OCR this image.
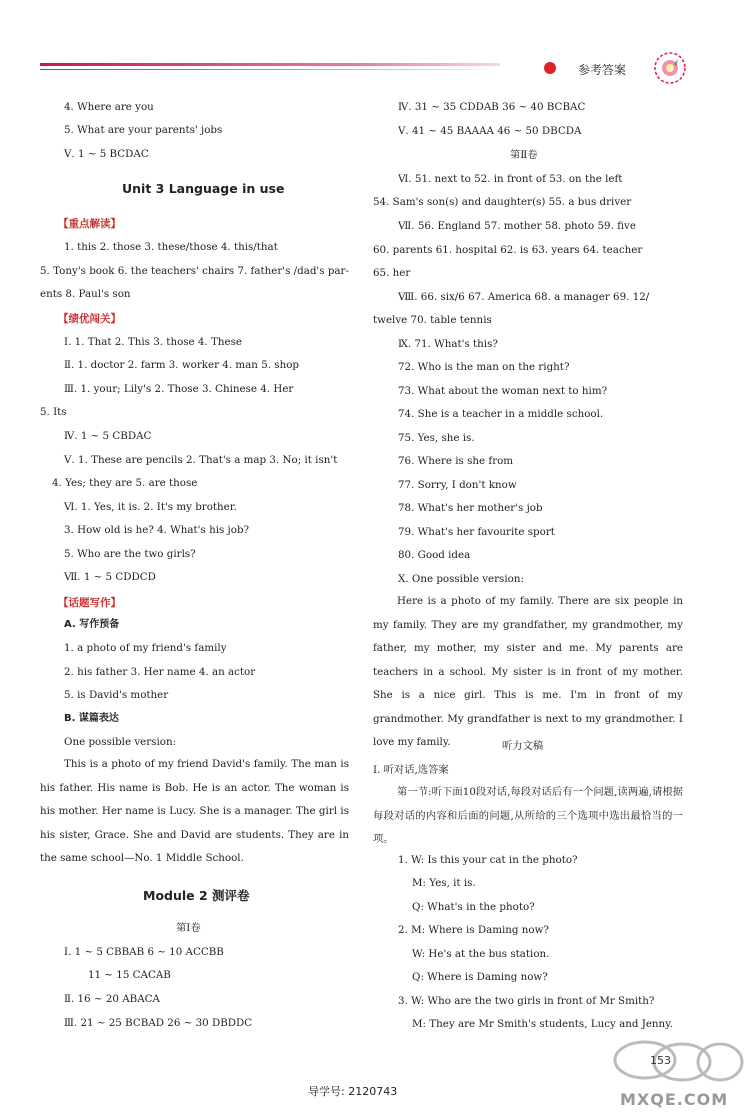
参考答案
4. Where are you
5. What are your parents' jobs
Ⅴ. 1 ~ 5 BCDAC
Unit 3 Language in use
【重点解读】
1. this 2. those 3. these/those 4. this/that
5. Tony's book 6. the teachers' chairs 7. father's /dad's par-
ents 8. Paul's son
【绩优闯关】
Ⅰ. 1. That 2. This 3. those 4. These
Ⅱ. 1. doctor 2. farm 3. worker 4. man 5. shop
Ⅲ. 1. your; Lily's 2. Those 3. Chinese 4. Her
5. Its
Ⅳ. 1 ~ 5 CBDAC
Ⅴ. 1. These are pencils 2. That's a map 3. No; it isn't
4. Yes; they are 5. are those
Ⅵ. 1. Yes, it is. 2. It's my brother.
3. How old is he? 4. What's his job?
5. Who are the two girls?
Ⅶ. 1 ~ 5 CDDCD
【话题写作】
A. 写作预备
1. a photo of my friend's family
2. his father 3. Her name 4. an actor
5. is David's mother
B. 谋篇表达
One possible version:
This is a photo of my friend David's family. The man is his father. His name is Bob. He is an actor. The woman is his mother. Her name is Lucy. She is a manager. The girl is his sister, Grace. She and David are students. They are in the same school—No. 1 Middle School.
Module 2 测评卷
第Ⅰ卷
Ⅰ. 1 ~ 5 CBBAB 6 ~ 10 ACCBB
11 ~ 15 CACAB
Ⅱ. 16 ~ 20 ABACA
Ⅲ. 21 ~ 25 BCBAD 26 ~ 30 DBDDC
Ⅳ. 31 ~ 35 CDDAB 36 ~ 40 BCBAC
Ⅴ. 41 ~ 45 BAAAA 46 ~ 50 DBCDA
第Ⅱ卷
Ⅵ. 51. next to 52. in front of 53. on the left
54. Sam's son(s) and daughter(s) 55. a bus driver
Ⅶ. 56. England 57. mother 58. photo 59. five
60. parents 61. hospital 62. is 63. years 64. teacher
65. her
Ⅷ. 66. six/6 67. America 68. a manager 69. 12/
twelve 70. table tennis
Ⅸ. 71. What's this?
72. Who is the man on the right?
73. What about the woman next to him?
74. She is a teacher in a middle school.
75. Yes, she is.
76. Where is she from
77. Sorry, I don't know
78. What's her mother's job
79. What's her favourite sport
80. Good idea
Ⅹ. One possible version:
Here is a photo of my family. There are six people in my family. They are my grandfather, my grandmother, my father, my mother, my sister and me. My parents are teachers in a school. My sister is in front of my mother. She is a nice girl. This is me. I'm in front of my grandmother. My grandfather is next to my grandmother. I love my family.	听力文稿
Ⅰ. 听对话,选答案
第一节:听下面10段对话,每段对话后有一个问题,读两遍,请根据每段对话的内容和后面的问题,从所给的三个选项中选出最恰当的一项。
1. W: Is this your cat in the photo?
M: Yes, it is.
Q: What's in the photo?
2. M: Where is Daming now?
W: He's at the bus station.
Q: Where is Daming now?
3. W: Who are the two girls in front of Mr Smith?
M: They are Mr Smith's students, Lucy and Jenny.
导学号: 2120743
153
MXQE.COM
